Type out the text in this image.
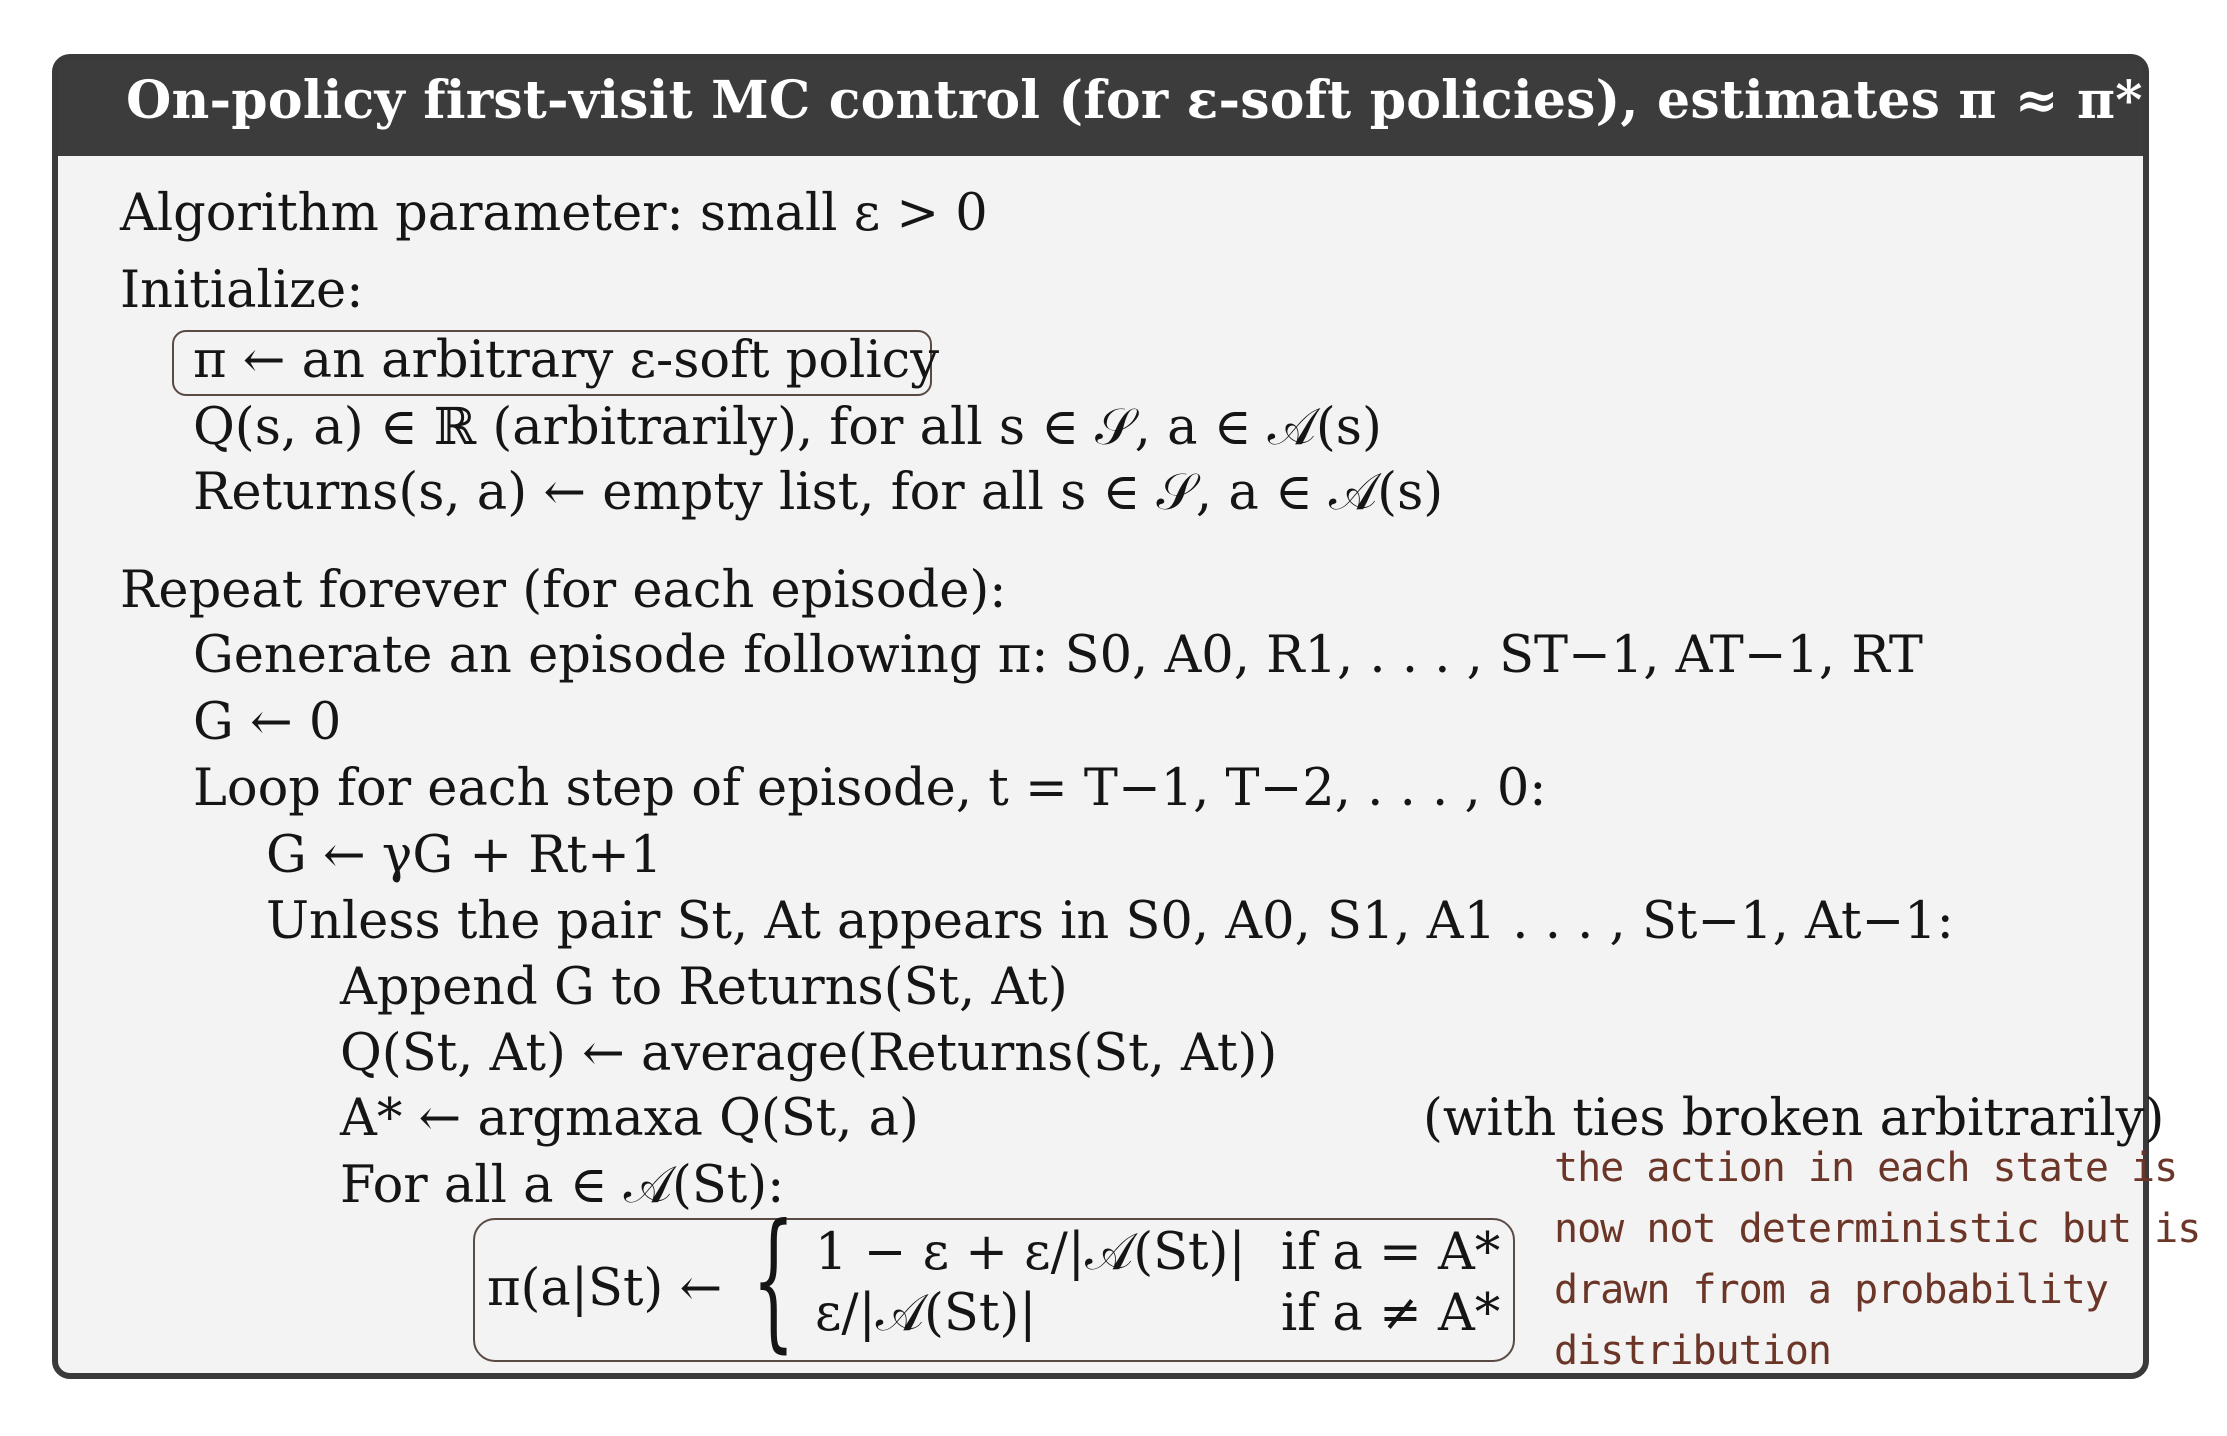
On-policy first-visit MC control (for ε-soft policies), estimates π ≈ π*
Algorithm parameter: small ε > 0
Initialize:
π ← an arbitrary ε-soft policy
Q(s, a) ∈ ℝ (arbitrarily), for all s ∈ 𝒮, a ∈ 𝒜(s)
Returns(s, a) ← empty list, for all s ∈ 𝒮, a ∈ 𝒜(s)
Repeat forever (for each episode):
Generate an episode following π: S0, A0, R1, . . . , ST−1, AT−1, RT
G ← 0
Loop for each step of episode, t = T−1, T−2, . . . , 0:
G ← γG + Rt+1
Unless the pair St, At appears in S0, A0, S1, A1 . . . , St−1, At−1:
Append G to Returns(St, At)
Q(St, At) ← average(Returns(St, At))
A* ← argmaxa Q(St, a)	(with ties broken arbitrarily)
For all a ∈ 𝒜(St):
π(a|St) ← { 1 − ε + ε/|𝒜(St)| if a = A*
ε/|𝒜(St)|	if a ≠ A*
the action in each state is
now not deterministic but is
drawn from a probability
distribution
